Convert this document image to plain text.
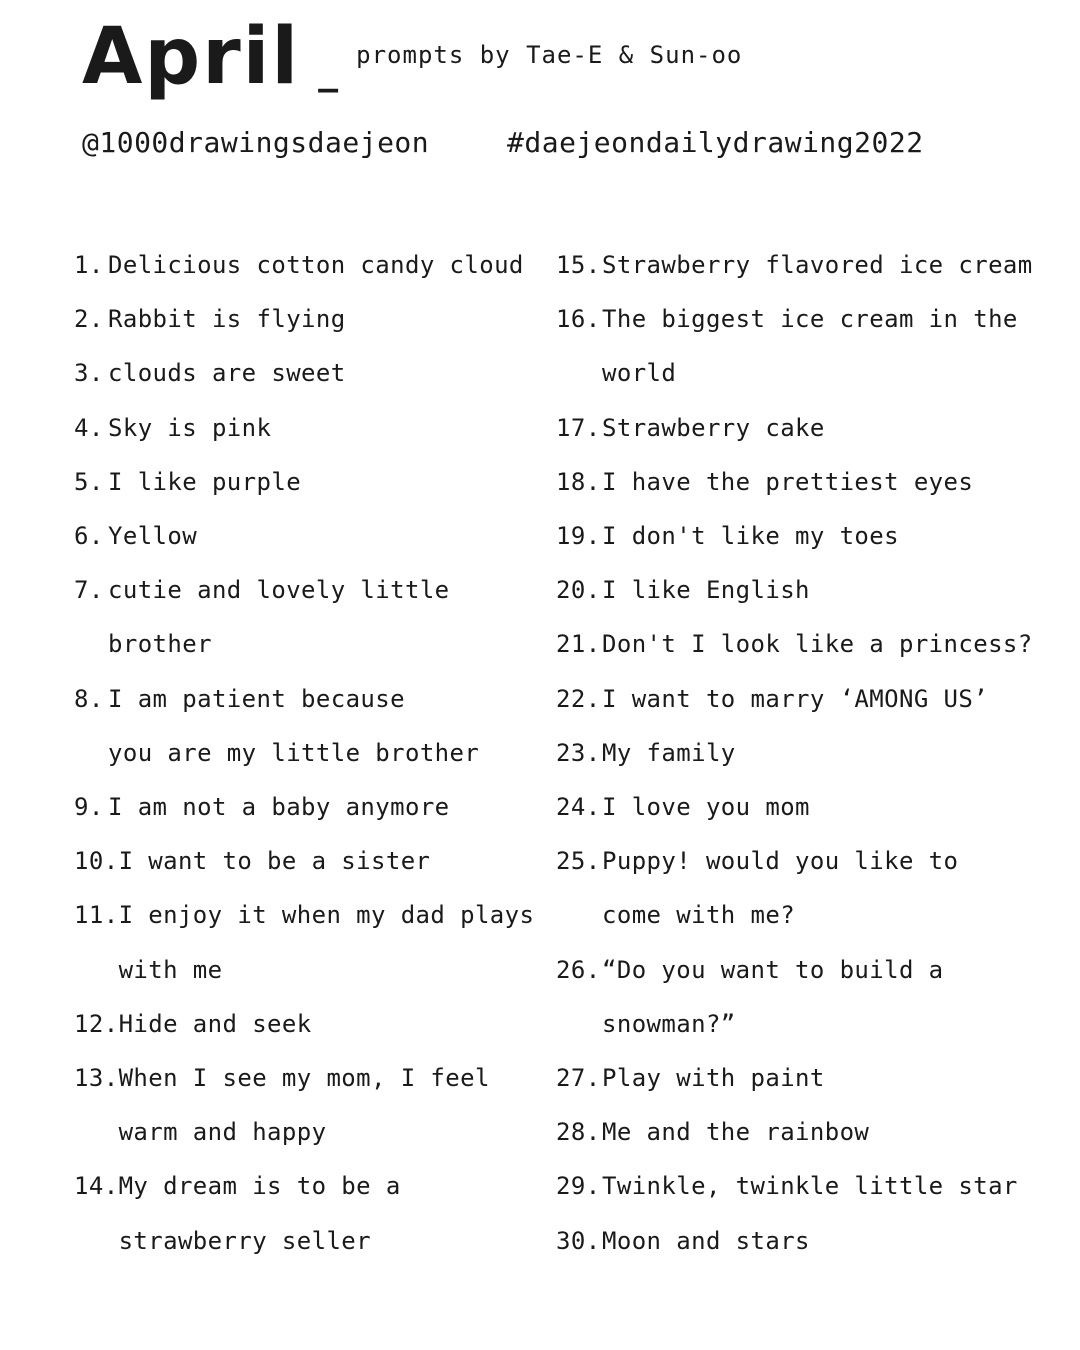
April _ prompts by Tae-E & Sun-oo
@1000drawingsdaejeon	#daejeondailydrawing2022
1. Delicious cotton candy cloud
2. Rabbit is flying
3. clouds are sweet
4. Sky is pink
5. I like purple
6. Yellow
7. cutie and lovely little
brother
8. I am patient because
you are my little brother
9. I am not a baby anymore
10. I want to be a sister
11. I enjoy it when my dad plays
with me
12. Hide and seek
13. When I see my mom, I feel
warm and happy
14. My dream is to be a
strawberry seller
15. Strawberry flavored ice cream
16. The biggest ice cream in the
world
17. Strawberry cake
18. I have the prettiest eyes
19. I don't like my toes
20. I like English
21. Don't I look like a princess?
22. I want to marry ‘AMONG US’
23. My family
24. I love you mom
25. Puppy! would you like to
come with me?
26. “Do you want to build a
snowman?”
27. Play with paint
28. Me and the rainbow
29. Twinkle, twinkle little star
30. Moon and stars
